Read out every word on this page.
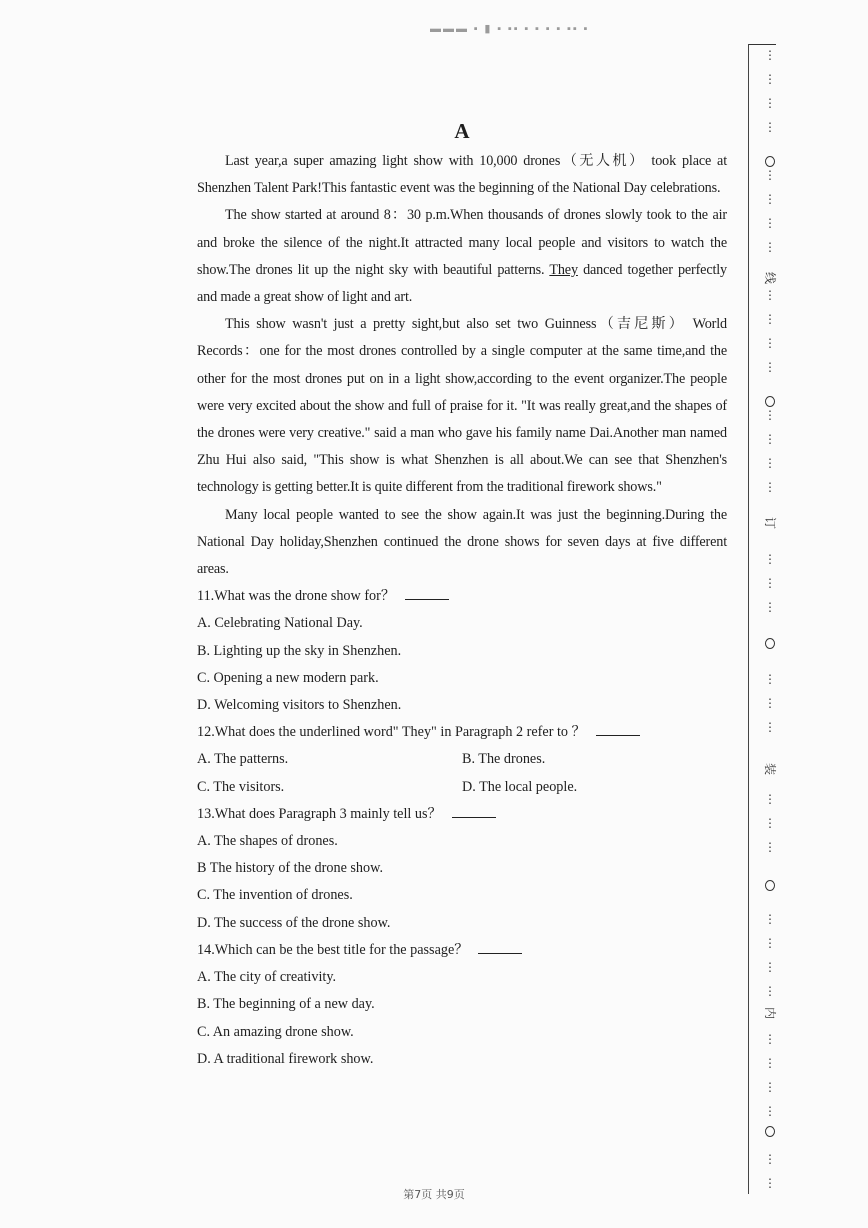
▬▬▬ ▪ ▮ ▪ ▪▪ ▪ ▪ ▪ ▪ ▪▪ ▪
A

Last year,a super amazing light show with 10,000 drones（无人机） took place at Shenzhen Talent Park!This fantastic event was the beginning of the National Day celebrations.

The show started at around 8：30 p.m.When thousands of drones slowly took to the air and broke the silence of the night.It attracted many local people and visitors to watch the show.The drones lit up the night sky with beautiful patterns. They danced together perfectly and made a great show of light and art.

This show wasn't just a pretty sight,but also set two Guinness（吉尼斯） World Records：one for the most drones controlled by a single computer at the same time,and the other for the most drones put on in a light show,according to the event organizer.The people were very excited about the show and full of praise for it. "It was really great,and the shapes of the drones were very creative." said a man who gave his family name Dai.Another man named Zhu Hui also said, "This show is what Shenzhen is all about.We can see that Shenzhen's technology is getting better.It is quite different from the traditional firework shows."

Many local people wanted to see the show again.It was just the beginning.During the National Day holiday,Shenzhen continued the drone shows for seven days at five different areas.

11.What was the drone show for？

A. Celebrating National Day.

B. Lighting up the sky in Shenzhen.

C. Opening a new modern park.

D. Welcoming visitors to Shenzhen.

12.What does the underlined word" They" in Paragraph 2 refer to ？

A. The patterns.	B. The drones.

C. The visitors.	D. The local people.

13.What does Paragraph 3 mainly tell us？

A. The shapes of drones.

B The history of the drone show.

C. The invention of drones.

D. The success of the drone show.

14.Which can be the best title for the passage？

A. The city of creativity.

B. The beginning of a new day.

C. An amazing drone show.

D. A traditional firework show.

⋮
⋮
⋮
⋮
⋮
⋮
⋮
⋮
⋮
⋮
⋮
⋮
⋮
⋮
⋮
⋮
⋮
⋮
⋮
⋮
⋮
⋮
⋮
⋮
⋮
⋮
⋮
⋮
⋮
⋮
⋮
⋮
⋮
⋮
⋮
线
订
装
内
第7页 共9页
